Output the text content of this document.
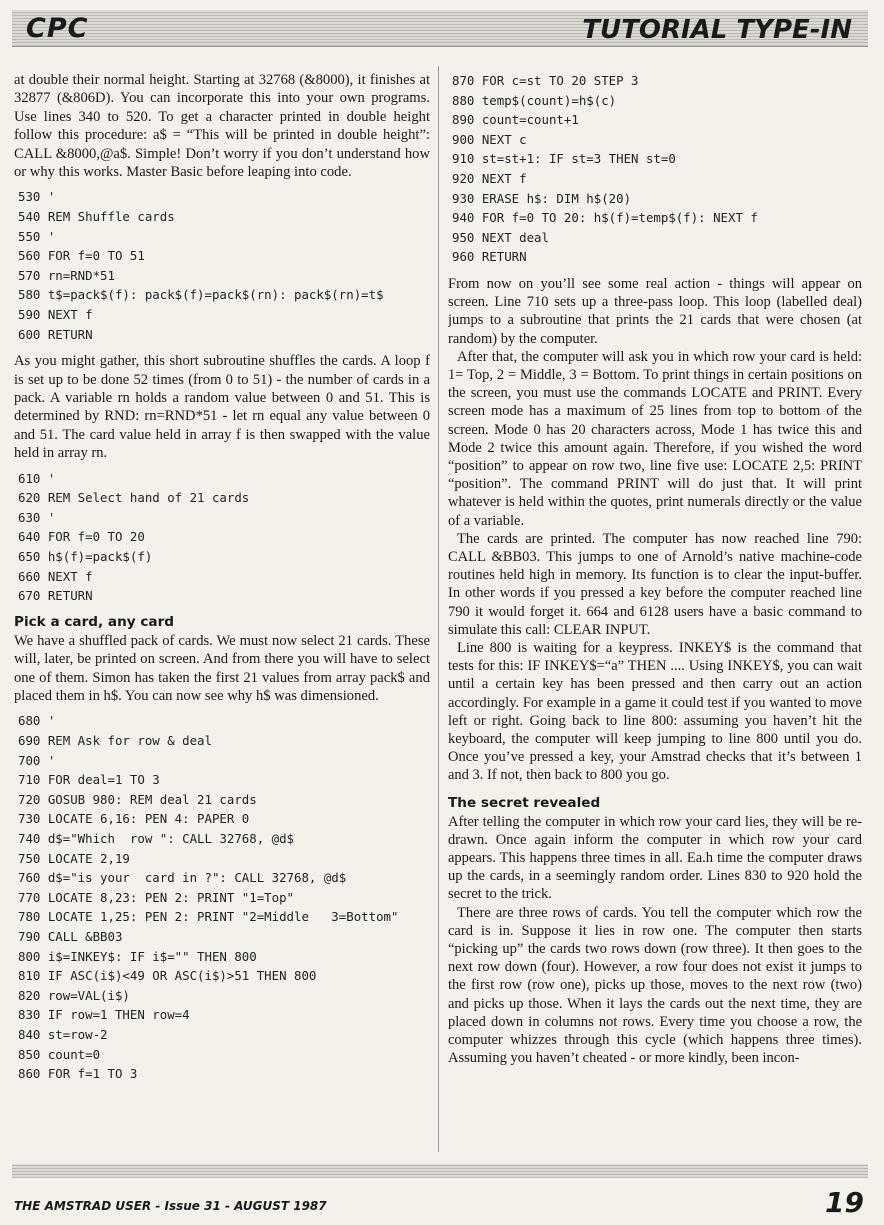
CPC	TUTORIAL TYPE-IN

at double their normal height. Starting at 32768 (&8000), it finishes at 32877 (&806D). You can incorporate this into your own programs. Use lines 340 to 520. To get a character printed in double height follow this procedure: a$ = “This will be printed in double height”: CALL &8000,@a$. Simple! Don’t worry if you don’t understand how or why this works. Master Basic before leaping into code.

530 '
540 REM Shuffle cards
550 '
560 FOR f=0 TO 51
570 rn=RND*51
580 t$=pack$(f): pack$(f)=pack$(rn): pack$(rn)=t$
590 NEXT f
600 RETURN

As you might gather, this short subroutine shuffles the cards. A loop f is set up to be done 52 times (from 0 to 51) - the number of cards in a pack. A variable rn holds a random value between 0 and 51. This is determined by RND: rn=RND*51 - let rn equal any value between 0 and 51. The card value held in array f is then swapped with the value held in array rn.

610 '
620 REM Select hand of 21 cards
630 '
640 FOR f=0 TO 20
650 h$(f)=pack$(f)
660 NEXT f
670 RETURN
Pick a card, any card

We have a shuffled pack of cards. We must now select 21 cards. These will, later, be printed on screen. And from there you will have to select one of them. Simon has taken the first 21 values from array pack$ and placed them in h$. You can now see why h$ was dimensioned.

680 '
690 REM Ask for row & deal
700 '
710 FOR deal=1 TO 3
720 GOSUB 980: REM deal 21 cards
730 LOCATE 6,16: PEN 4: PAPER 0
740 d$="Which  row ": CALL 32768, @d$
750 LOCATE 2,19
760 d$="is your  card in ?": CALL 32768, @d$
770 LOCATE 8,23: PEN 2: PRINT "1=Top"
780 LOCATE 1,25: PEN 2: PRINT "2=Middle   3=Bottom"
790 CALL &BB03
800 i$=INKEY$: IF i$="" THEN 800
810 IF ASC(i$)<49 OR ASC(i$)>51 THEN 800
820 row=VAL(i$)
830 IF row=1 THEN row=4
840 st=row-2
850 count=0
860 FOR f=1 TO 3
870 FOR c=st TO 20 STEP 3
880 temp$(count)=h$(c)
890 count=count+1
900 NEXT c
910 st=st+1: IF st=3 THEN st=0
920 NEXT f
930 ERASE h$: DIM h$(20)
940 FOR f=0 TO 20: h$(f)=temp$(f): NEXT f
950 NEXT deal
960 RETURN

From now on you’ll see some real action - things will appear on screen. Line 710 sets up a three-pass loop. This loop (labelled deal) jumps to a subroutine that prints the 21 cards that were chosen (at random) by the computer.

After that, the computer will ask you in which row your card is held: 1= Top, 2 = Middle, 3 = Bottom. To print things in certain positions on the screen, you must use the commands LOCATE and PRINT. Every screen mode has a maximum of 25 lines from top to bottom of the screen. Mode 0 has 20 characters across, Mode 1 has twice this and Mode 2 twice this amount again. Therefore, if you wished the word “position” to appear on row two, line five use: LOCATE 2,5: PRINT “position”. The command PRINT will do just that. It will print whatever is held within the quotes, print numerals directly or the value of a variable.

The cards are printed. The computer has now reached line 790: CALL &BB03. This jumps to one of Arnold’s native machine-code routines held high in memory. Its function is to clear the input-buffer. In other words if you pressed a key before the computer reached line 790 it would forget it. 664 and 6128 users have a basic command to simulate this call: CLEAR INPUT.

Line 800 is waiting for a keypress. INKEY$ is the command that tests for this: IF INKEY$=“a” THEN .... Using INKEY$, you can wait until a certain key has been pressed and then carry out an action accordingly. For example in a game it could test if you wanted to move left or right. Going back to line 800: assuming you haven’t hit the keyboard, the computer will keep jumping to line 800 until you do. Once you’ve pressed a key, your Amstrad checks that it’s between 1 and 3. If not, then back to 800 you go.

The secret revealed

After telling the computer in which row your card lies, they will be re-drawn. Once again inform the computer in which row your card appears. This happens three times in all. Ea.h time the computer draws up the cards, in a seemingly random order. Lines 830 to 920 hold the secret to the trick.

There are three rows of cards. You tell the computer which row the card is in. Suppose it lies in row one. The computer then starts “picking up” the cards two rows down (row three). It then goes to the next row down (four). However, a row four does not exist it jumps to the first row (row one), picks up those, moves to the next row (two) and picks up those. When it lays the cards out the next time, they are placed down in columns not rows. Every time you choose a row, the computer whizzes through this cycle (which happens three times). Assuming you haven’t cheated - or more kindly, been incon-

THE AMSTRAD USER - Issue 31 - AUGUST 1987	19
